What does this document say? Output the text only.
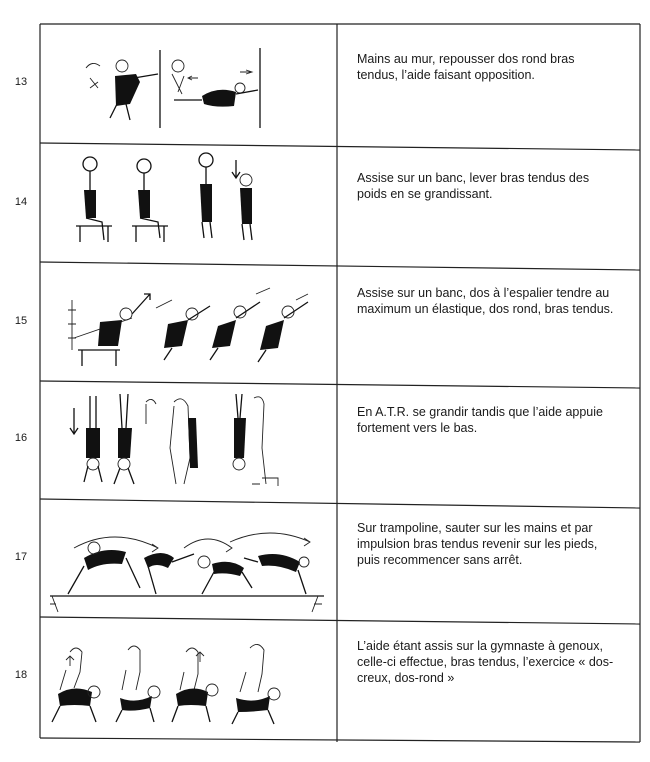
13
Mains au mur, repousser dos rond bras tendus, l’aide faisant opposition.
14
Assise sur un banc, lever bras tendus des poids en se grandissant.
15
Assise sur un banc, dos à l’espalier tendre au maximum un élastique, dos rond, bras tendus.
16
En A.T.R. se grandir tandis que l’aide appuie fortement vers le bas.
17
Sur trampoline, sauter sur les mains et par impulsion bras tendus revenir sur les pieds, puis recommencer sans arrêt.
18
L’aide étant assis sur la gymnaste à genoux, celle-ci effectue, bras tendus, l’exercice « dos-creux, dos-rond »
